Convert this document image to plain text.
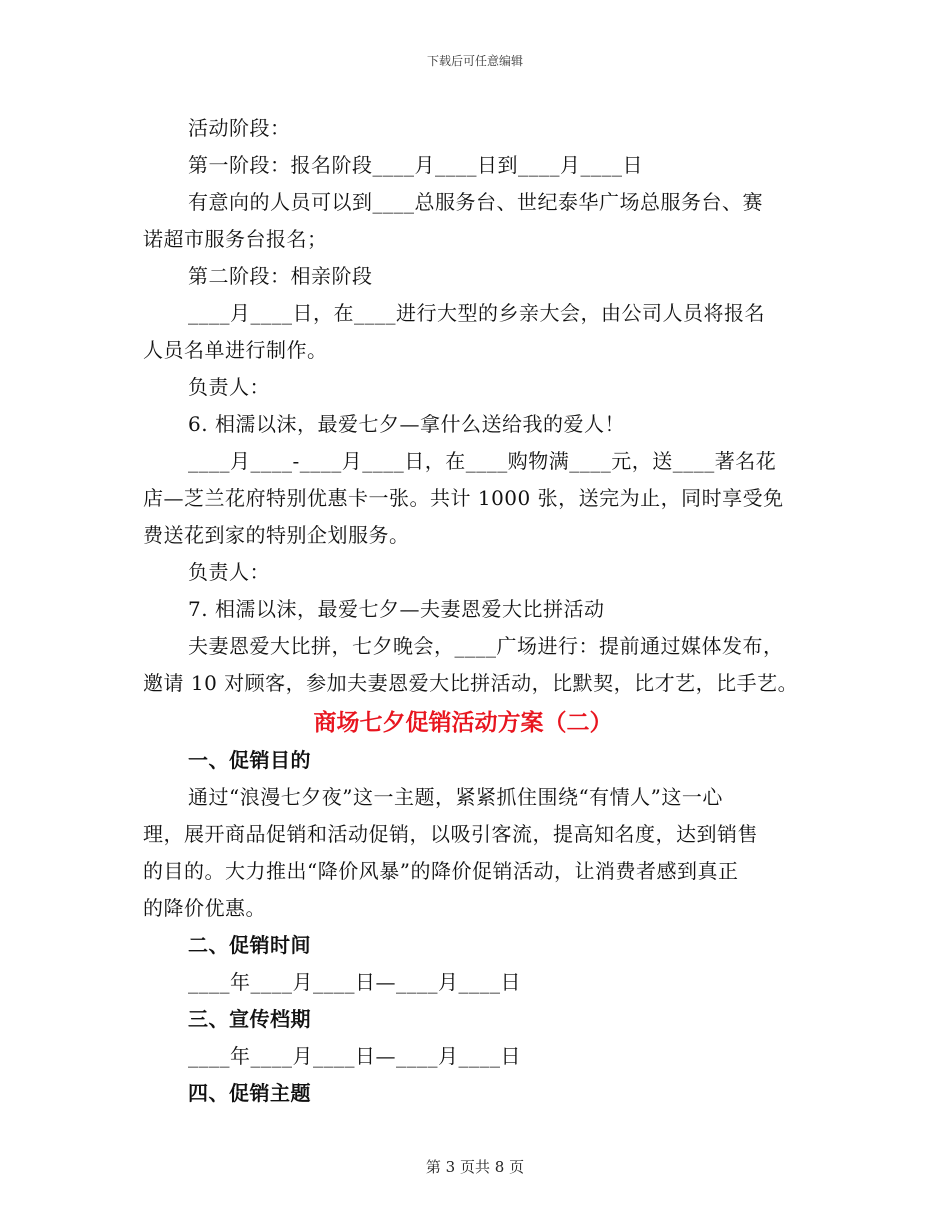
下载后可任意编辑
活动阶段：
第一阶段：报名阶段____月____日到____月____日
有意向的人员可以到____总服务台、世纪泰华广场总服务台、赛
诺超市服务台报名；
第二阶段：相亲阶段
____月____日，在____进行大型的乡亲大会，由公司人员将报名
人员名单进行制作。
负责人：
6. 相濡以沫，最爱七夕—拿什么送给我的爱人！
____月____-____月____日，在____购物满____元，送____著名花
店—芝兰花府特别优惠卡一张。共计 1000 张，送完为止，同时享受免
费送花到家的特别企划服务。
负责人：
7. 相濡以沫，最爱七夕—夫妻恩爱大比拼活动
夫妻恩爱大比拼，七夕晚会，____广场进行：提前通过媒体发布，
邀请 10 对顾客，参加夫妻恩爱大比拼活动，比默契，比才艺，比手艺。
商场七夕促销活动方案（二）
一、促销目的
通过“浪漫七夕夜”这一主题，紧紧抓住围绕“有情人”这一心
理，展开商品促销和活动促销，以吸引客流，提高知名度，达到销售
的目的。大力推出“降价风暴”的降价促销活动，让消费者感到真正
的降价优惠。
二、促销时间
____年____月____日—____月____日
三、宣传档期
____年____月____日—____月____日
四、促销主题
第 3 页共 8 页
